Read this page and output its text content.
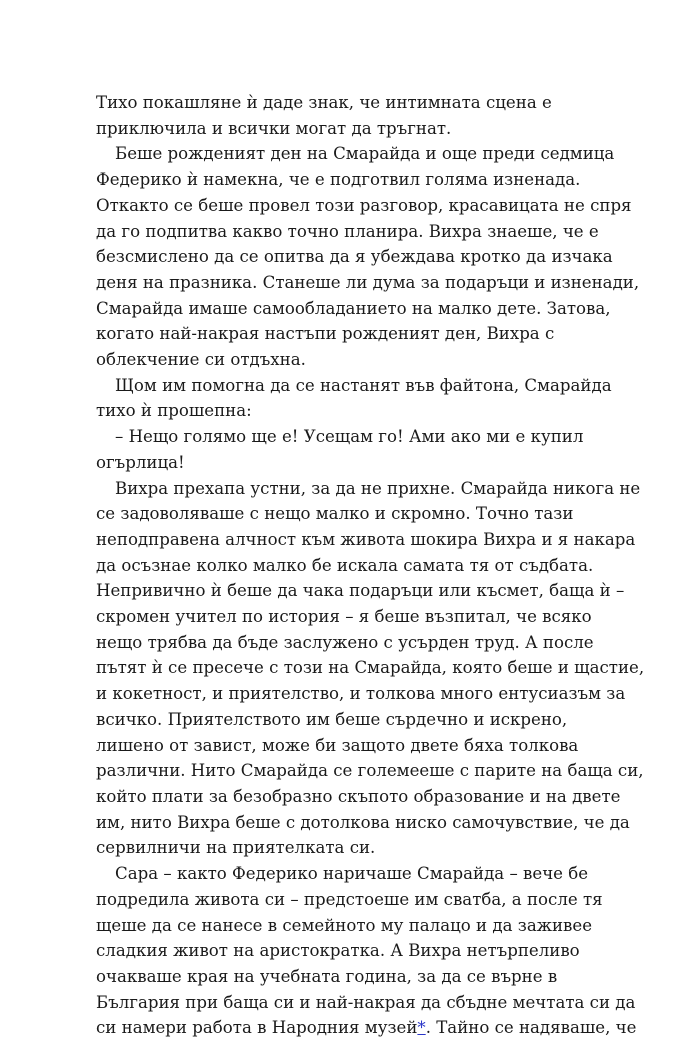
Тихо покашляне ѝ даде знак, че интимната сцена е
приключила и всички могат да тръгнат.
Беше рожденият ден на Смарайда и още преди седмица
Федерико ѝ намекна, че е подготвил голяма изненада.
Откакто се беше провел този разговор, красавицата не спря
да го подпитва какво точно планира. Вихра знаеше, че е
безсмислено да се опитва да я убеждава кротко да изчака
деня на празника. Станеше ли дума за подаръци и изненади,
Смарайда имаше самообладанието на малко дете. Затова,
когато най-накрая настъпи рожденият ден, Вихра с
облекчение си отдъхна.
Щом им помогна да се настанят във файтона, Смарайда
тихо ѝ прошепна:
– Нещо голямо ще е! Усещам го! Ами ако ми е купил
огърлица!
Вихра прехапа устни, за да не прихне. Смарайда никога не
се задоволяваше с нещо малко и скромно. Точно тази
неподправена алчност към живота шокира Вихра и я накара
да осъзнае колко малко бе искала самата тя от съдбата.
Непривично ѝ беше да чака подаръци или късмет, баща ѝ –
скромен учител по история – я беше възпитал, че всяко
нещо трябва да бъде заслужено с усърден труд. А после
пътят ѝ се пресече с този на Смарайда, която беше и щастие,
и кокетност, и приятелство, и толкова много ентусиазъм за
всичко. Приятелството им беше сърдечно и искрено,
лишено от завист, може би защото двете бяха толкова
различни. Нито Смарайда се големееше с парите на баща си,
който плати за безобразно скъпото образование и на двете
им, нито Вихра беше с дотолкова ниско самочувствие, че да
сервилничи на приятелката си.
Сара – както Федерико наричаше Смарайда – вече бе
подредила живота си – предстоеше им сватба, а после тя
щеше да се нанесе в семейното му палацо и да заживее
сладкия живот на аристократка. А Вихра нетърпеливо
очакваше края на учебната година, за да се върне в
България при баща си и най-накрая да сбъдне мечтата си да
си намери работа в Народния музей*. Тайно се надяваше, че
